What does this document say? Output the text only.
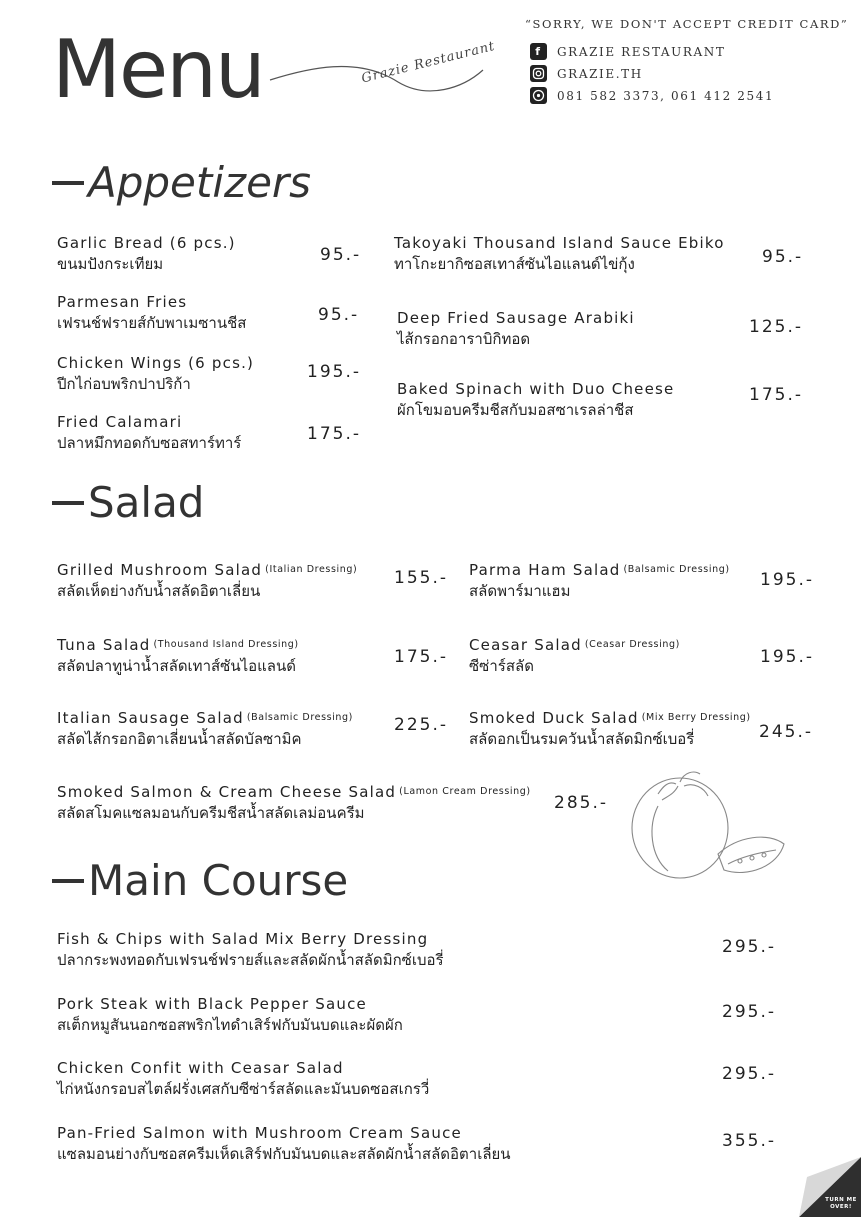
Menu	Grazie Restaurant
“SORRY, WE DON'T ACCEPT CREDIT CARD”
f	GRAZIE RESTAURANT
GRAZIE.TH
081 582 3373, 061 412 2541
Appetizers
Garlic Bread (6 pcs.)
ขนมปังกระเทียม	95.-
Parmesan Fries
เฟรนช์ฟรายส์กับพาเมซานชีส	95.-
Chicken Wings (6 pcs.)
ปีกไก่อบพริกปาปริก้า
195.-
Fried Calamari
ปลาหมึกทอดกับซอสทาร์ทาร์	175.-
Takoyaki Thousand Island Sauce Ebiko
ทาโกะยากิซอสเทาส์ซันไอแลนด์ไข่กุ้ง	95.-
Deep Fried Sausage Arabiki
ไส้กรอกอาราบิกิทอด
125.-
Baked Spinach with Duo Cheese
ผักโขมอบครีมชีสกับมอสซาเรลล่าชีส
175.-
Salad
Grilled Mushroom Salad $^{(Italian Dressing)}$
สลัดเห็ดย่างกับน้ำสลัดอิตาเลี่ยน
155.-
Tuna Salad $^{(Thousand Island Dressing)}$
สลัดปลาทูน่าน้ำสลัดเทาส์ซันไอแลนด์	175.-
Italian Sausage Salad $^{(Balsamic Dressing)}$
สลัดไส้กรอกอิตาเลี่ยนน้ำสลัดบัลซามิค
225.-
Parma Ham Salad $^{(Balsamic Dressing)}$
สลัดพาร์มาแฮม
195.-
Ceasar Salad $^{(Ceasar Dressing)}$
ซีซ่าร์สลัด	195.-
Smoked Duck Salad $^{(Mix Berry Dressing)}$
สลัดอกเป็นรมควันน้ำสลัดมิกซ์เบอรี่	245.-
Smoked Salmon & Cream Cheese Salad $^{(Lamon Cream Dressing)}$
สลัดสโมคแซลมอนกับครีมชีสน้ำสลัดเลม่อนครีม	285.-
Main Course
Fish & Chips with Salad Mix Berry Dressing
ปลากระพงทอดกับเฟรนช์ฟรายส์และสลัดผักน้ำสลัดมิกซ์เบอรี่
295.-
Pork Steak with Black Pepper Sauce
สเต็กหมูสันนอกซอสพริกไทดำเสิร์ฟกับมันบดและผัดผัก
295.-
Chicken Confit with Ceasar Salad
ไก่หนังกรอบสไตล์ฝรั่งเศสกับซีซ่าร์สลัดและมันบดซอสเกรวี่
295.-
Pan-Fried Salmon with Mushroom Cream Sauce
แซลมอนย่างกับซอสครีมเห็ดเสิร์ฟกับมันบดและสลัดผักน้ำสลัดอิตาเลี่ยน
355.-
TURN ME OVER!
